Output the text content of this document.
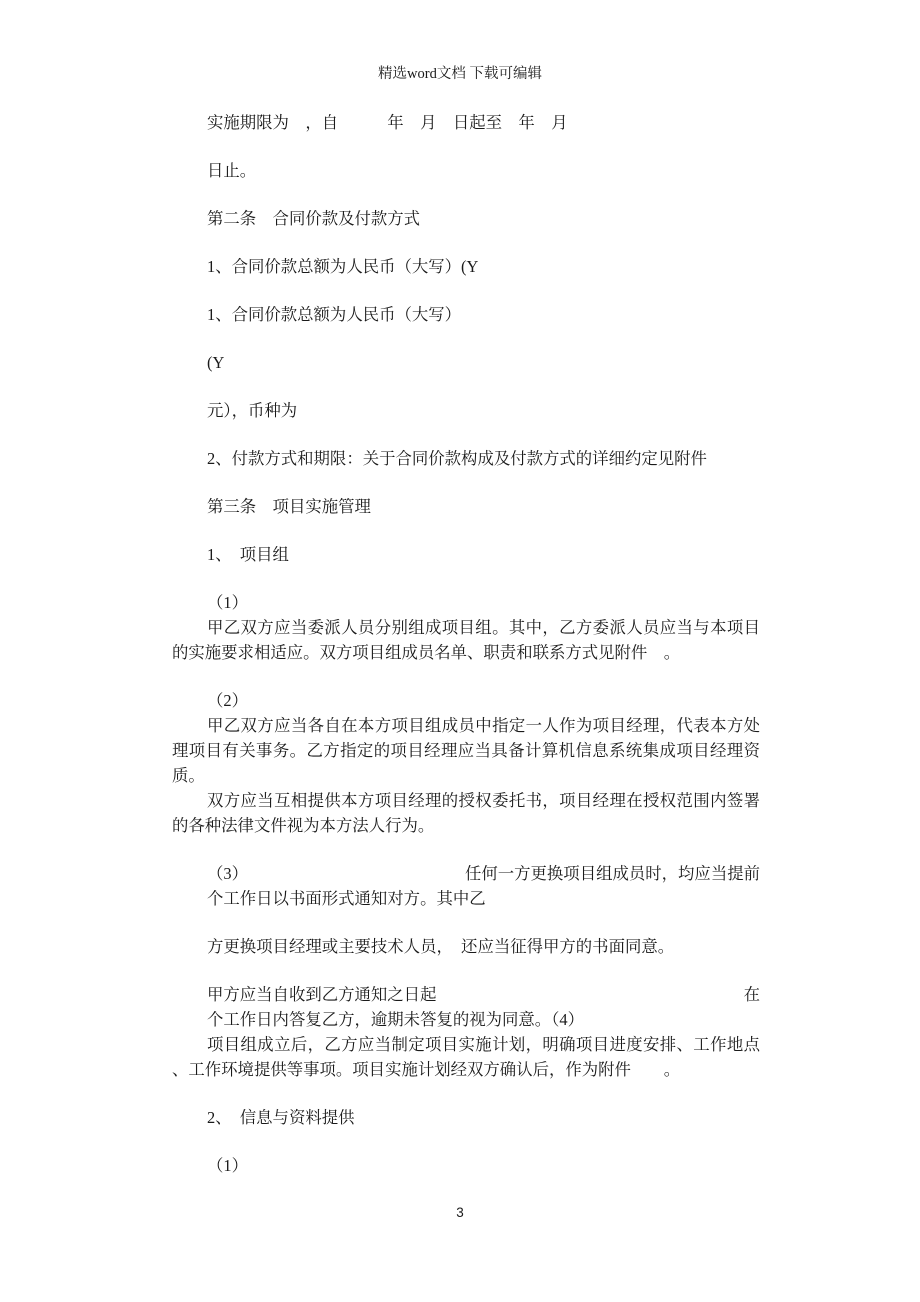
精选word文档 下载可编辑
实施期限为　，自　　　年　月　日起至　年　月
日止。
第二条　合同价款及付款方式
1、合同价款总额为人民币（大写）(Y
1、合同价款总额为人民币（大写）
(Y
元），币种为
2、付款方式和期限：关于合同价款构成及付款方式的详细约定见附件
第三条　项目实施管理
1、　项目组
（1）
甲乙双方应当委派人员分别组成项目组。其中，乙方委派人员应当与本项目
的实施要求相适应。双方项目组成员名单、职责和联系方式见附件　。
（2）
甲乙双方应当各自在本方项目组成员中指定一人作为项目经理，代表本方处
理项目有关事务。乙方指定的项目经理应当具备计算机信息系统集成项目经理资
质。
双方应当互相提供本方项目经理的授权委托书，项目经理在授权范围内签署
的各种法律文件视为本方法人行为。
（3）	任何一方更换项目组成员时，均应当提前
个工作日以书面形式通知对方。其中乙
方更换项目经理或主要技术人员，　还应当征得甲方的书面同意。
甲方应当自收到乙方通知之日起	在
个工作日内答复乙方，逾期未答复的视为同意。（4）
项目组成立后，乙方应当制定项目实施计划，明确项目进度安排、工作地点
、工作环境提供等事项。项目实施计划经双方确认后，作为附件　　。
2、　信息与资料提供
（1）
3
